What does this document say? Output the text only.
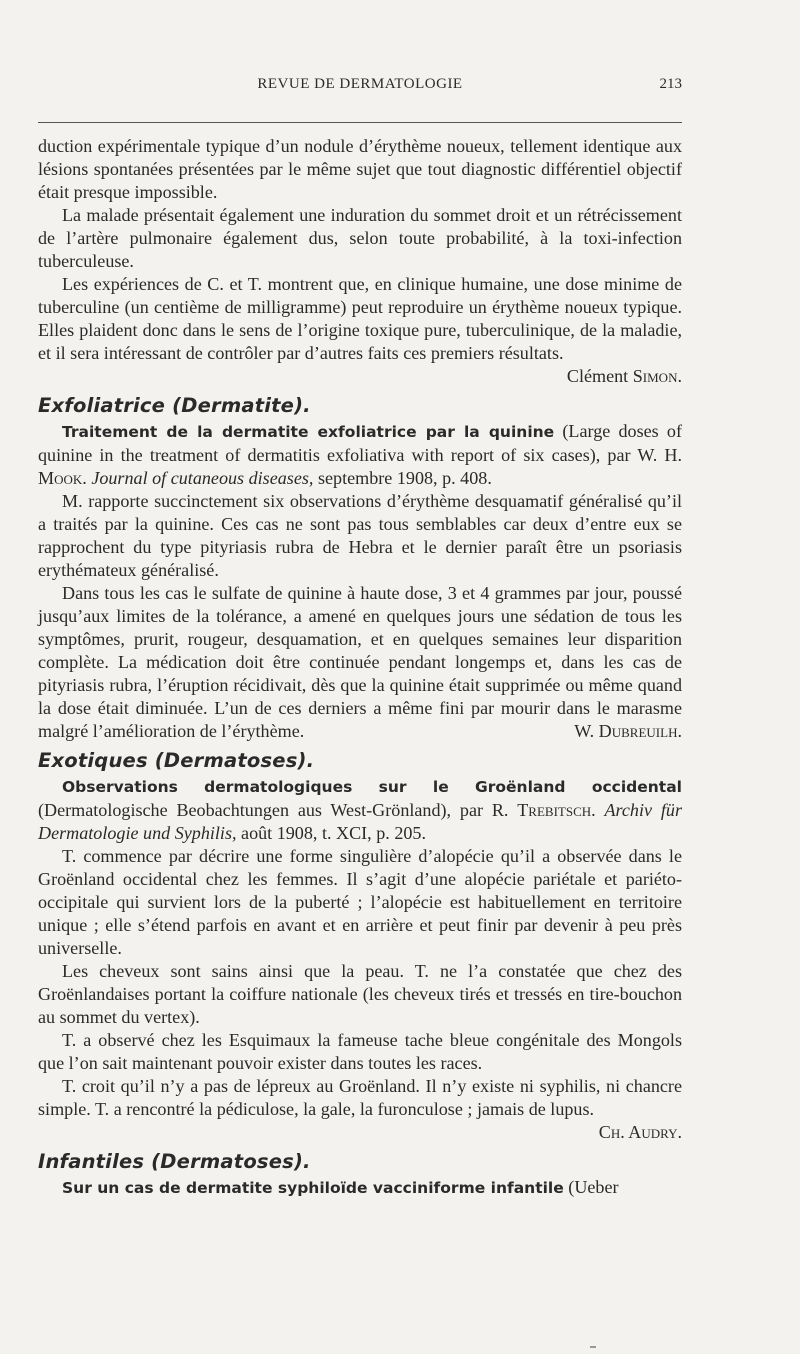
REVUE DE DERMATOLOGIE	213

duction expérimentale typique d’un nodule d’érythème noueux, tellement identique aux lésions spontanées présentées par le même sujet que tout diagnostic différentiel objectif était presque impossible.

La malade présentait également une induration du sommet droit et un rétrécissement de l’artère pulmonaire également dus, selon toute probabilité, à la toxi-infection tuberculeuse.

Les expériences de C. et T. montrent que, en clinique humaine, une dose minime de tuberculine (un centième de milligramme) peut reproduire un érythème noueux typique. Elles plaident donc dans le sens de l’origine toxique pure, tuberculinique, de la maladie, et il sera intéressant de contrôler par d’autres faits ces premiers résultats.
Clément Simon.

Exfoliatrice (Dermatite).

Traitement de la dermatite exfoliatrice par la quinine (Large doses of quinine in the treatment of dermatitis exfoliativa with report of six cases), par W. H. Mook. Journal of cutaneous diseases, septembre 1908, p. 408.

M. rapporte succinctement six observations d’érythème desquamatif généralisé qu’il a traités par la quinine. Ces cas ne sont pas tous semblables car deux d’entre eux se rapprochent du type pityriasis rubra de Hebra et le dernier paraît être un psoriasis erythémateux généralisé.

Dans tous les cas le sulfate de quinine à haute dose, 3 et 4 grammes par jour, poussé jusqu’aux limites de la tolérance, a amené en quelques jours une sédation de tous les symptômes, prurit, rougeur, desquamation, et en quelques semaines leur disparition complète. La médication doit être continuée pendant longemps et, dans les cas de pityriasis rubra, l’éruption récidivait, dès que la quinine était supprimée ou même quand la dose était diminuée. L’un de ces derniers a même fini par mourir dans le marasme malgré l’amélioration de l’érythème.	W. Dubreuilh.

Exotiques (Dermatoses).

Observations dermatologiques sur le Groënland occidental (Dermatologische Beobachtungen aus West-Grönland), par R. Trebitsch. Archiv für Dermatologie und Syphilis, août 1908, t. XCI, p. 205.

T. commence par décrire une forme singulière d’alopécie qu’il a observée dans le Groënland occidental chez les femmes. Il s’agit d’une alopécie pariétale et pariéto-occipitale qui survient lors de la puberté ; l’alopécie est habituellement en territoire unique ; elle s’étend parfois en avant et en arrière et peut finir par devenir à peu près universelle.

Les cheveux sont sains ainsi que la peau. T. ne l’a constatée que chez des Groënlandaises portant la coiffure nationale (les cheveux tirés et tressés en tire-bouchon au sommet du vertex).

T. a observé chez les Esquimaux la fameuse tache bleue congénitale des Mongols que l’on sait maintenant pouvoir exister dans toutes les races.

T. croit qu’il n’y a pas de lépreux au Groënland. Il n’y existe ni syphilis, ni chancre simple. T. a rencontré la pédiculose, la gale, la furonculose ; jamais de lupus.
Ch. Audry.

Infantiles (Dermatoses).

Sur un cas de dermatite syphiloïde vacciniforme infantile (Ueber
